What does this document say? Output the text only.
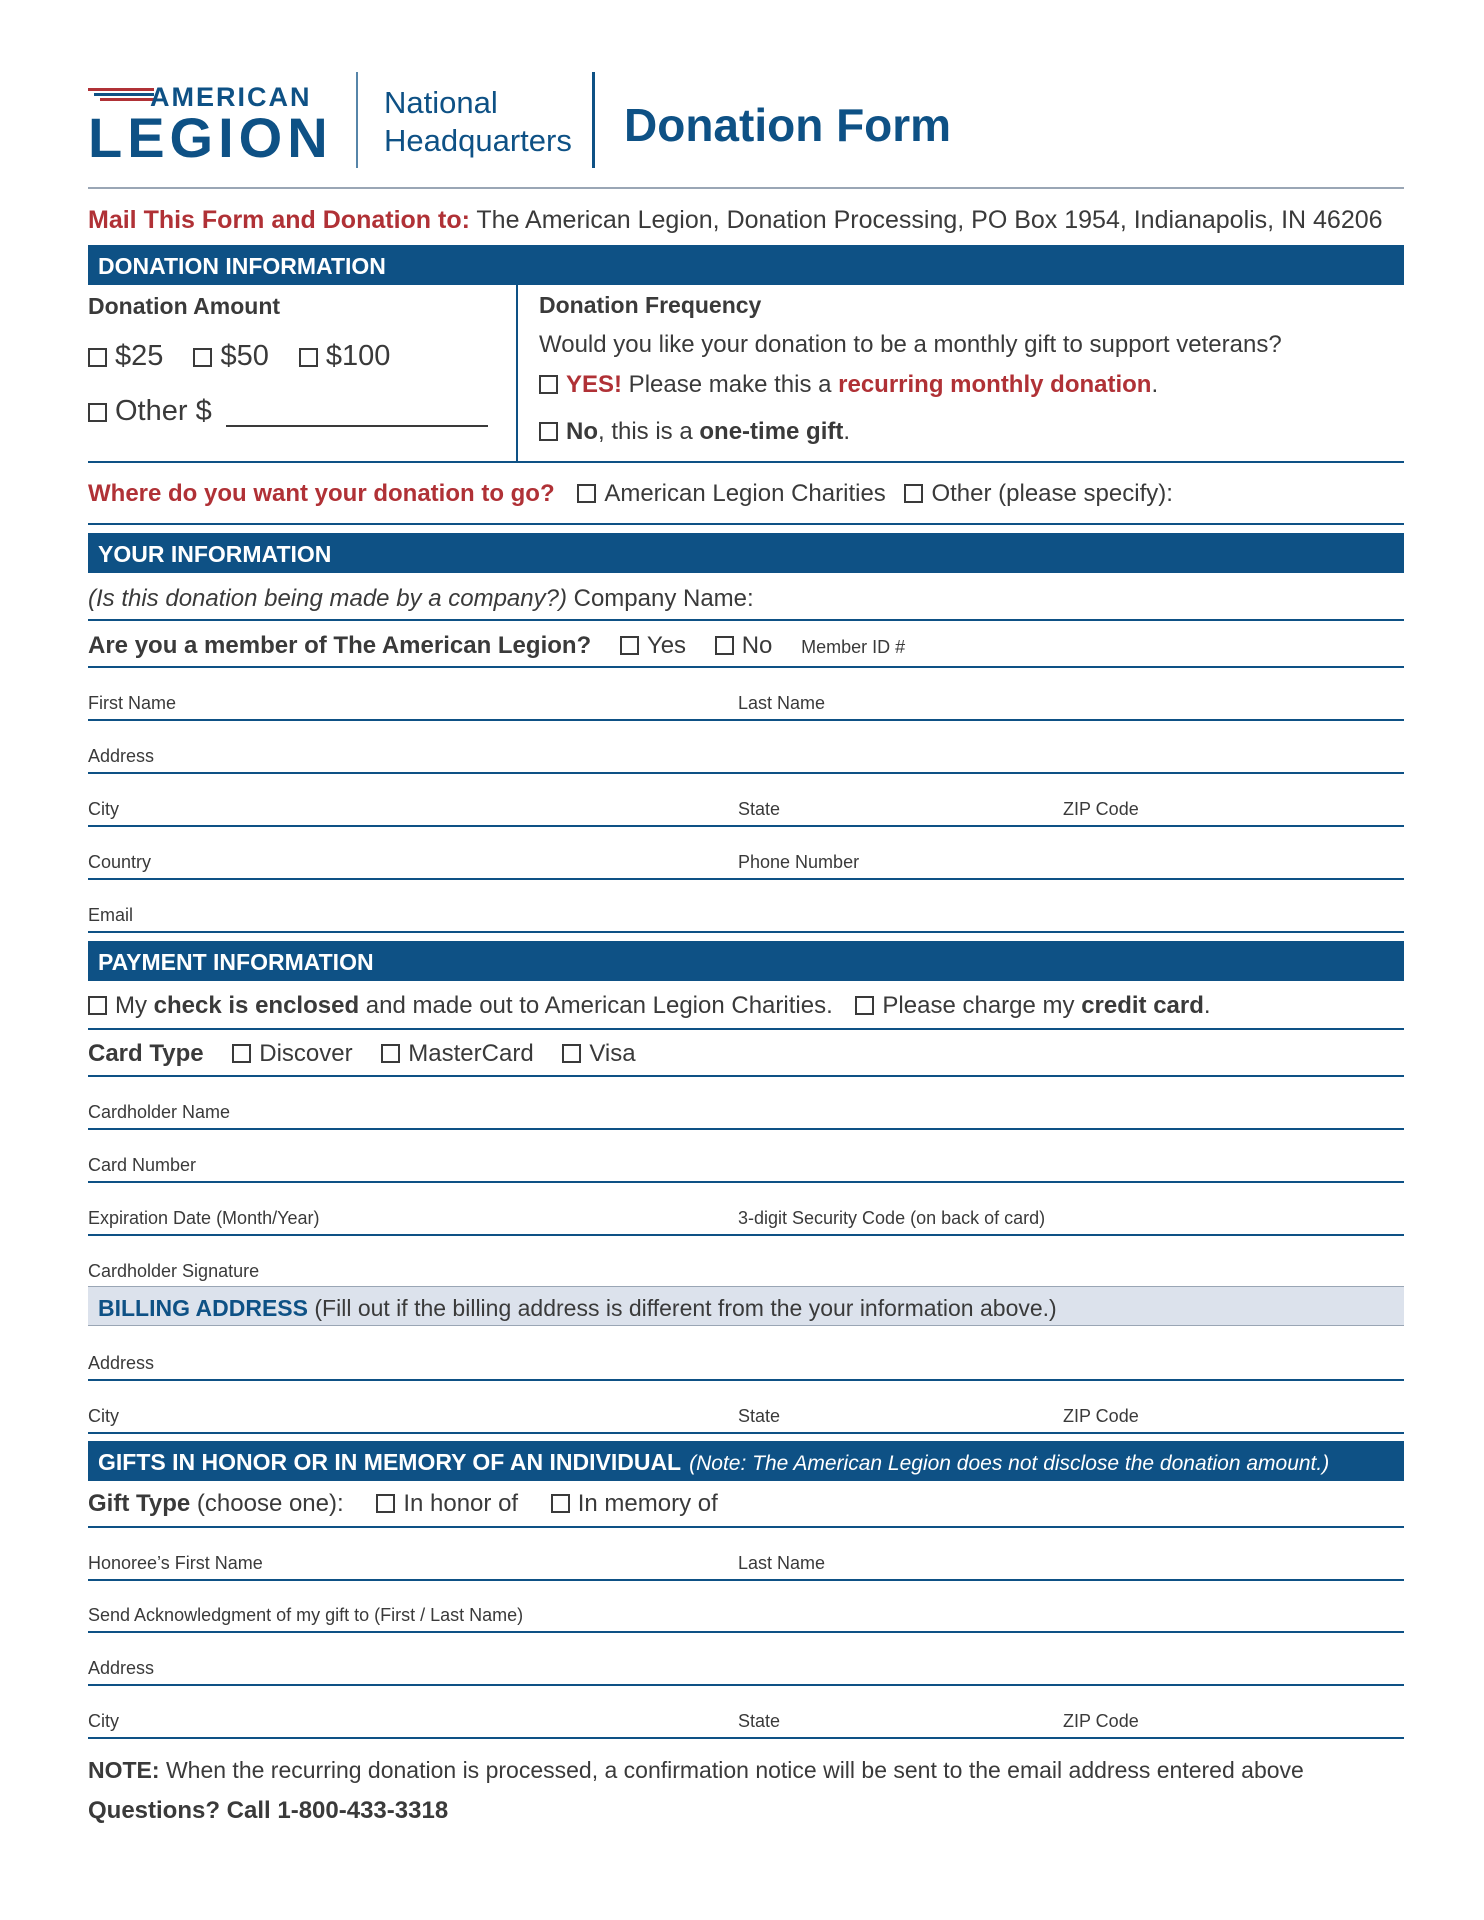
AMERICAN
LEGION
National
Headquarters Donation Form
Mail This Form and Donation to: The American Legion, Donation Processing, PO Box 1954, Indianapolis, IN 46206
DONATION INFORMATION
Donation Amount
$25 $50 $100
Other $
Donation Frequency
Would you like your donation to be a monthly gift to support veterans?
YES! Please make this a recurring monthly donation.
No, this is a one-time gift.
Where do you want your donation to go? American Legion Charities Other (please specify):
YOUR INFORMATION
(Is this donation being made by a company?) Company Name:
Are you a member of The American Legion? Yes No Member ID #
First Name	Last Name
Address
City	State	ZIP Code
Country	Phone Number
Email
PAYMENT INFORMATION
My check is enclosed and made out to American Legion Charities. Please charge my credit card.
Card Type Discover MasterCard Visa
Cardholder Name
Card Number
Expiration Date (Month/Year)	3-digit Security Code (on back of card)
Cardholder Signature
BILLING ADDRESS (Fill out if the billing address is different from the your information above.)
Address
City	State	ZIP Code
GIFTS IN HONOR OR IN MEMORY OF AN INDIVIDUAL (Note: The American Legion does not disclose the donation amount.)
Gift Type (choose one): In honor of In memory of
Honoree’s First Name	Last Name
Send Acknowledgment of my gift to (First / Last Name)
Address
City	State	ZIP Code
NOTE: When the recurring donation is processed, a confirmation notice will be sent to the email address entered above
Questions? Call 1-800-433-3318
